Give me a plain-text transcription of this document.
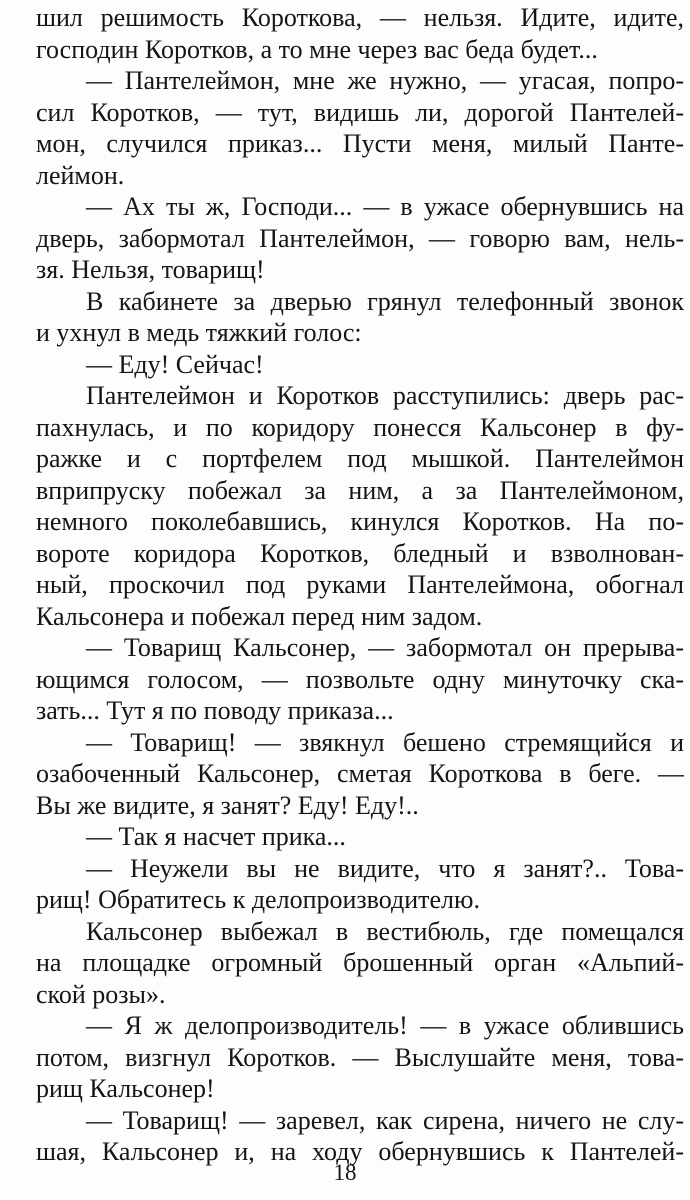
шил решимость Короткова, — нельзя. Идите, идите,
господин Коротков, а то мне через вас беда будет...
— Пантелеймон, мне же нужно, — угасая, попро-
сил Коротков, — тут, видишь ли, дорогой Пантелей-
мон, случился приказ... Пусти меня, милый Панте-
леймон.
— Ах ты ж, Господи... — в ужасе обернувшись на
дверь, забормотал Пантелеймон, — говорю вам, нель-
зя. Нельзя, товарищ!
В кабинете за дверью грянул телефонный звонок
и ухнул в медь тяжкий голос:
— Еду! Сейчас!
Пантелеймон и Коротков расступились: дверь рас-
пахнулась, и по коридору понесся Кальсонер в фу-
ражке и с портфелем под мышкой. Пантелеймон
вприпруску побежал за ним, а за Пантелеймоном,
немного поколебавшись, кинулся Коротков. На по-
вороте коридора Коротков, бледный и взволнован-
ный, проскочил под руками Пантелеймона, обогнал
Кальсонера и побежал перед ним задом.
— Товарищ Кальсонер, — забормотал он прерыва-
ющимся голосом, — позвольте одну минуточку ска-
зать... Тут я по поводу приказа...
— Товарищ! — звякнул бешено стремящийся и
озабоченный Кальсонер, сметая Короткова в беге. —
Вы же видите, я занят? Еду! Еду!..
— Так я насчет прика...
— Неужели вы не видите, что я занят?.. Това-
рищ! Обратитесь к делопроизводителю.
Кальсонер выбежал в вестибюль, где помещался
на площадке огромный брошенный орган «Альпий-
ской розы».
— Я ж делопроизводитель! — в ужасе облившись
потом, визгнул Коротков. — Выслушайте меня, това-
рищ Кальсонер!
— Товарищ! — заревел, как сирена, ничего не слу-
шая, Кальсонер и, на ходу обернувшись к Пантелей-
18
